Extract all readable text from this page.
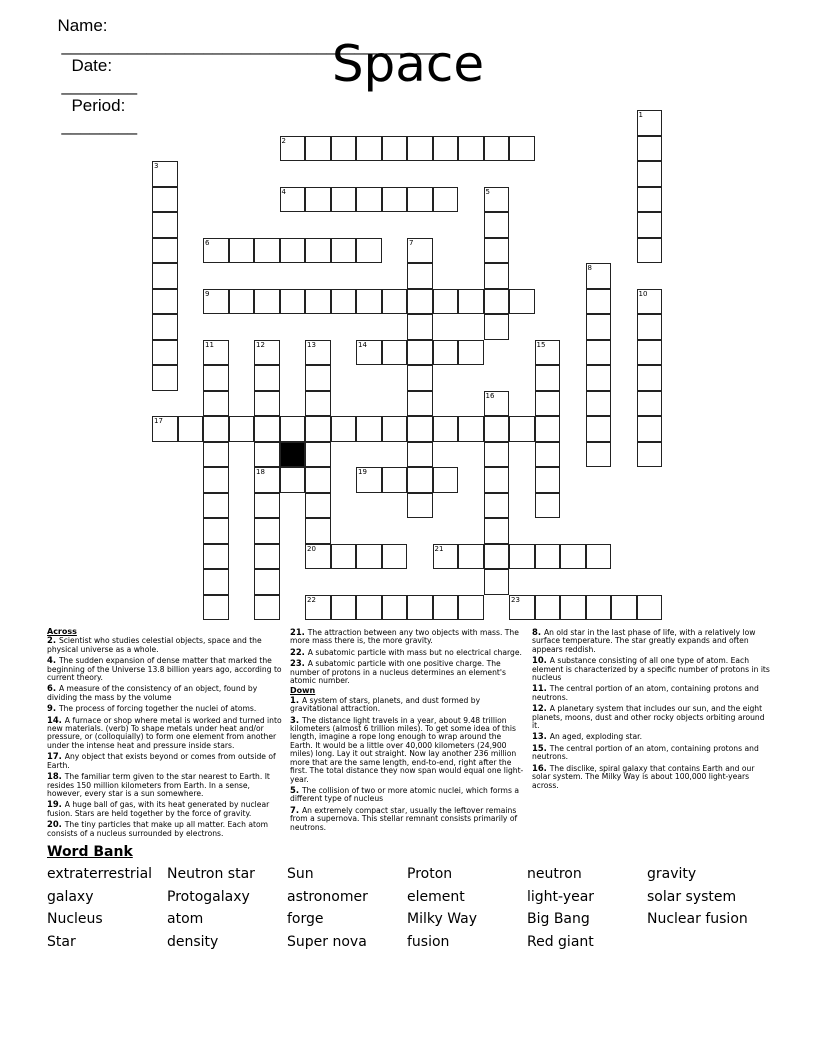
Name:
________________________________________
Date:
________
Period:
________

Space
1
2
3
4	5
6	7
8
9	10
11	12
18
13
20
14	15
16
17
19
21
22	23
Across
2. Scientist who studies celestial objects, space and the physical universe as a whole.
4. The sudden expansion of dense matter that marked the beginning of the Universe 13.8 billion years ago, according to current theory.
6. A measure of the consistency of an object, found by dividing the mass by the volume
9. The process of forcing together the nuclei of atoms.
14. A furnace or shop where metal is worked and turned into new materials. (verb) To shape metals under heat and/or pressure, or (colloquially) to form one element from another under the intense heat and pressure inside stars.
17. Any object that exists beyond or comes from outside of Earth.
18. The familiar term given to the star nearest to Earth. It resides 150 million kilometers from Earth. In a sense, however, every star is a sun somewhere.
19. A huge ball of gas, with its heat generated by nuclear fusion. Stars are held together by the force of gravity.
20. The tiny particles that make up all matter. Each atom consists of a nucleus surrounded by electrons.
21. The attraction between any two objects with mass. The more mass there is, the more gravity.
22. A subatomic particle with mass but no electrical charge.
23. A subatomic particle with one positive charge. The number of protons in a nucleus determines an element's atomic number.
Down
1. A system of stars, planets, and dust formed by gravitational attraction.
3. The distance light travels in a year, about 9.48 trillion kilometers (almost 6 trillion miles). To get some idea of this length, imagine a rope long enough to wrap around the Earth. It would be a little over 40,000 kilometers (24,900 miles) long. Lay it out straight. Now lay another 236 million more that are the same length, end-to-end, right after the first. The total distance they now span would equal one light- year.
5. The collision of two or more atomic nuclei, which forms a different type of nucleus
7. An extremely compact star, usually the leftover remains from a supernova. This stellar remnant consists primarily of neutrons.
8. An old star in the last phase of life, with a relatively low surface temperature. The star greatly expands and often appears reddish.
10. A substance consisting of all one type of atom. Each element is characterized by a specific number of protons in its nucleus
11. The central portion of an atom, containing protons and neutrons.
12. A planetary system that includes our sun, and the eight planets, moons, dust and other rocky objects orbiting around it.
13. An aged, exploding star.
15. The central portion of an atom, containing protons and neutrons.
16. The disclike, spiral galaxy that contains Earth and our solar system. The Milky Way is about 100,000 light-years across.
Word Bank
extraterrestrial	Neutron star	Sun	Proton	neutron	gravity
galaxy	Protogalaxy	astronomer	element	light-year	solar system
Nucleus	atom	forge	Milky Way	Big Bang	Nuclear fusion
Star	density	Super nova	fusion	Red giant
